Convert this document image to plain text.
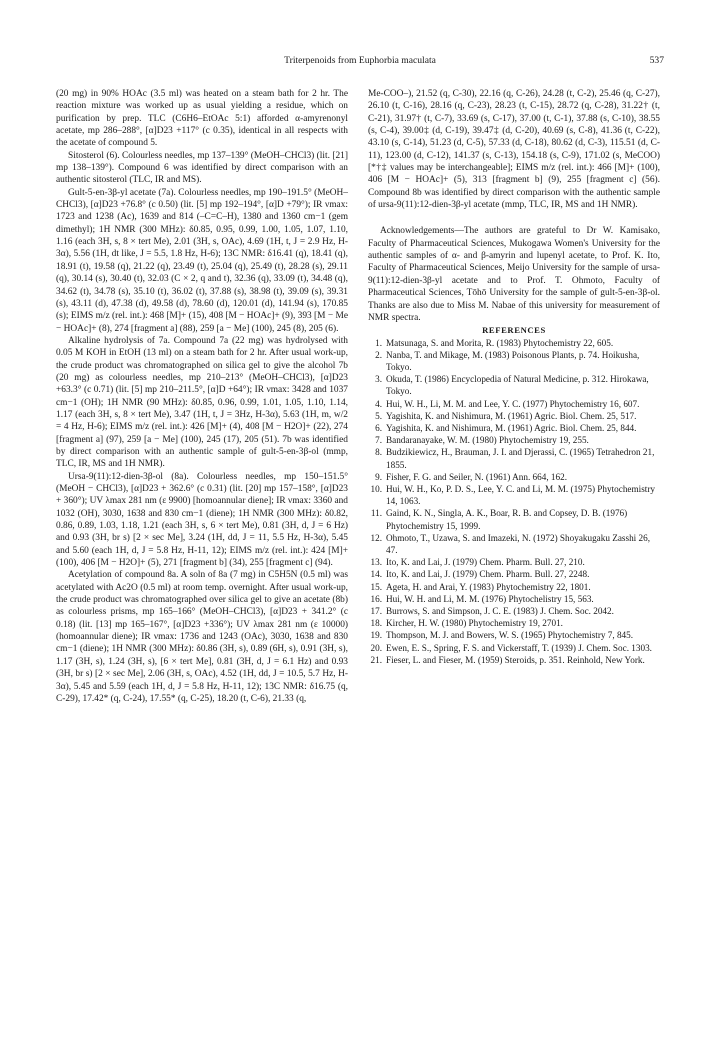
Triterpenoids from Euphorbia maculata	537

(20 mg) in 90% HOAc (3.5 ml) was heated on a steam bath for 2 hr. The reaction mixture was worked up as usual yielding a residue, which on purification by prep. TLC (C6H6–EtOAc 5:1) afforded α-amyrenonyl acetate, mp 286–288°, [α]D23 +117° (c 0.35), identical in all respects with the acetate of compound 5.

Sitosterol (6). Colourless needles, mp 137–139° (MeOH–CHCl3) (lit. [21] mp 138–139°). Compound 6 was identified by direct comparison with an authentic sitosterol (TLC, IR and MS).

Gult-5-en-3β-yl acetate (7a). Colourless needles, mp 190–191.5° (MeOH–CHCl3), [α]D23 +76.8° (c 0.50) (lit. [5] mp 192–194°, [α]D +79°); IR νmax: 1723 and 1238 (Ac), 1639 and 814 (–C=C–H), 1380 and 1360 cm−1 (gem dimethyl); 1H NMR (300 MHz): δ0.85, 0.95, 0.99, 1.00, 1.05, 1.07, 1.10, 1.16 (each 3H, s, 8 × tert Me), 2.01 (3H, s, OAc), 4.69 (1H, t, J = 2.9 Hz, H-3α), 5.56 (1H, dt like, J = 5.5, 1.8 Hz, H-6); 13C NMR: δ16.41 (q), 18.41 (q), 18.91 (t), 19.58 (q), 21.22 (q), 23.49 (t), 25.04 (q), 25.49 (t), 28.28 (s), 29.11 (q), 30.14 (s), 30.40 (t), 32.03 (C × 2, q and t), 32.36 (q), 33.09 (t), 34.48 (q), 34.62 (t), 34.78 (s), 35.10 (t), 36.02 (t), 37.88 (s), 38.98 (t), 39.09 (s), 39.31 (s), 43.11 (d), 47.38 (d), 49.58 (d), 78.60 (d), 120.01 (d), 141.94 (s), 170.85 (s); EIMS m/z (rel. int.): 468 [M]+ (15), 408 [M − HOAc]+ (9), 393 [M − Me − HOAc]+ (8), 274 [fragment a] (88), 259 [a − Me] (100), 245 (8), 205 (6).

Alkaline hydrolysis of 7a. Compound 7a (22 mg) was hydrolysed with 0.05 M KOH in EtOH (13 ml) on a steam bath for 2 hr. After usual work-up, the crude product was chromatographed on silica gel to give the alcohol 7b (20 mg) as colourless needles, mp 210–213° (MeOH–CHCl3), [α]D23 +63.3° (c 0.71) (lit. [5] mp 210–211.5°, [α]D +64°); IR νmax: 3428 and 1037 cm−1 (OH); 1H NMR (90 MHz): δ0.85, 0.96, 0.99, 1.01, 1.05, 1.10, 1.14, 1.17 (each 3H, s, 8 × tert Me), 3.47 (1H, t, J = 3Hz, H-3α), 5.63 (1H, m, w/2 = 4 Hz, H-6); EIMS m/z (rel. int.): 426 [M]+ (4), 408 [M − H2O]+ (22), 274 [fragment a] (97), 259 [a − Me] (100), 245 (17), 205 (51). 7b was identified by direct comparison with an authentic sample of gult-5-en-3β-ol (mmp, TLC, IR, MS and 1H NMR).

Ursa-9(11):12-dien-3β-ol (8a). Colourless needles, mp 150–151.5° (MeOH − CHCl3), [α]D23 + 362.6° (c 0.31) (lit. [20] mp 157–158°, [α]D23 + 360°); UV λmax 281 nm (ε 9900) [homoannular diene]; IR νmax: 3360 and 1032 (OH), 3030, 1638 and 830 cm−1 (diene); 1H NMR (300 MHz): δ0.82, 0.86, 0.89, 1.03, 1.18, 1.21 (each 3H, s, 6 × tert Me), 0.81 (3H, d, J = 6 Hz) and 0.93 (3H, br s) [2 × sec Me], 3.24 (1H, dd, J = 11, 5.5 Hz, H-3α), 5.45 and 5.60 (each 1H, d, J = 5.8 Hz, H-11, 12); EIMS m/z (rel. int.): 424 [M]+ (100), 406 [M − H2O]+ (5), 271 [fragment b] (34), 255 [fragment c] (94).

Acetylation of compound 8a. A soln of 8a (7 mg) in C5H5N (0.5 ml) was acetylated with Ac2O (0.5 ml) at room temp. overnight. After usual work-up, the crude product was chromatographed over silica gel to give an acetate (8b) as colourless prisms, mp 165–166° (MeOH–CHCl3), [α]D23 + 341.2° (c 0.18) (lit. [13] mp 165–167°, [α]D23 +336°); UV λmax 281 nm (ε 10000) (homoannular diene); IR νmax: 1736 and 1243 (OAc), 3030, 1638 and 830 cm−1 (diene); 1H NMR (300 MHz): δ0.86 (3H, s), 0.89 (6H, s), 0.91 (3H, s), 1.17 (3H, s), 1.24 (3H, s), [6 × tert Me], 0.81 (3H, d, J = 6.1 Hz) and 0.93 (3H, br s) [2 × sec Me], 2.06 (3H, s, OAc), 4.52 (1H, dd, J = 10.5, 5.7 Hz, H-3α), 5.45 and 5.59 (each 1H, d, J = 5.8 Hz, H-11, 12); 13C NMR: δ16.75 (q, C-29), 17.42* (q, C-24), 17.55* (q, C-25), 18.20 (t, C-6), 21.33 (q,

Me-COO–), 21.52 (q, C-30), 22.16 (q, C-26), 24.28 (t, C-2), 25.46 (q, C-27), 26.10 (t, C-16), 28.16 (q, C-23), 28.23 (t, C-15), 28.72 (q, C-28), 31.22† (t, C-21), 31.97† (t, C-7), 33.69 (s, C-17), 37.00 (t, C-1), 37.88 (s, C-10), 38.55 (s, C-4), 39.00‡ (d, C-19), 39.47‡ (d, C-20), 40.69 (s, C-8), 41.36 (t, C-22), 43.10 (s, C-14), 51.23 (d, C-5), 57.33 (d, C-18), 80.62 (d, C-3), 115.51 (d, C-11), 123.00 (d, C-12), 141.37 (s, C-13), 154.18 (s, C-9), 171.02 (s, MeCOO) [*†‡ values may be interchangeable]; EIMS m/z (rel. int.): 466 [M]+ (100), 406 [M − HOAc]+ (5), 313 [fragment b] (9), 255 [fragment c] (56). Compound 8b was identified by direct comparison with the authentic sample of ursa-9(11):12-dien-3β-yl acetate (mmp, TLC, IR, MS and 1H NMR).

Acknowledgements—The authors are grateful to Dr W. Kamisako, Faculty of Pharmaceutical Sciences, Mukogawa Women's University for the authentic samples of α- and β-amyrin and lupenyl acetate, to Prof. K. Ito, Faculty of Pharmaceutical Sciences, Meijo University for the sample of ursa-9(11):12-dien-3β-yl acetate and to Prof. T. Ohmoto, Faculty of Pharmaceutical Sciences, Tōhō University for the sample of gult-5-en-3β-ol. Thanks are also due to Miss M. Nabae of this university for measurement of NMR spectra.

REFERENCES

1. Matsunaga, S. and Morita, R. (1983) Phytochemistry 22, 605.
2. Nanba, T. and Mikage, M. (1983) Poisonous Plants, p. 74. Hoikusha, Tokyo.
3. Okuda, T. (1986) Encyclopedia of Natural Medicine, p. 312. Hirokawa, Tokyo.
4. Hui, W. H., Li, M. M. and Lee, Y. C. (1977) Phytochemistry 16, 607.
5. Yagishita, K. and Nishimura, M. (1961) Agric. Biol. Chem. 25, 517.
6. Yagishita, K. and Nishimura, M. (1961) Agric. Biol. Chem. 25, 844.
7. Bandaranayake, W. M. (1980) Phytochemistry 19, 255.
8. Budzikiewicz, H., Brauman, J. I. and Djerassi, C. (1965) Tetrahedron 21, 1855.
9. Fisher, F. G. and Seiler, N. (1961) Ann. 664, 162.
10. Hui, W. H., Ko, P. D. S., Lee, Y. C. and Li, M. M. (1975) Phytochemistry 14, 1063.
11. Gaind, K. N., Singla, A. K., Boar, R. B. and Copsey, D. B. (1976) Phytochemistry 15, 1999.
12. Ohmoto, T., Uzawa, S. and Imazeki, N. (1972) Shoyakugaku Zasshi 26, 47.
13. Ito, K. and Lai, J. (1979) Chem. Pharm. Bull. 27, 210.
14. Ito, K. and Lai, J. (1979) Chem. Pharm. Bull. 27, 2248.
15. Ageta, H. and Arai, Y. (1983) Phytochemistry 22, 1801.
16. Hui, W. H. and Li, M. M. (1976) Phytochelistry 15, 563.
17. Burrows, S. and Simpson, J. C. E. (1983) J. Chem. Soc. 2042.
18. Kircher, H. W. (1980) Phytochemistry 19, 2701.
19. Thompson, M. J. and Bowers, W. S. (1965) Phytochemistry 7, 845.
20. Ewen, E. S., Spring, F. S. and Vickerstaff, T. (1939) J. Chem. Soc. 1303.
21. Fieser, L. and Fieser, M. (1959) Steroids, p. 351. Reinhold, New York.
